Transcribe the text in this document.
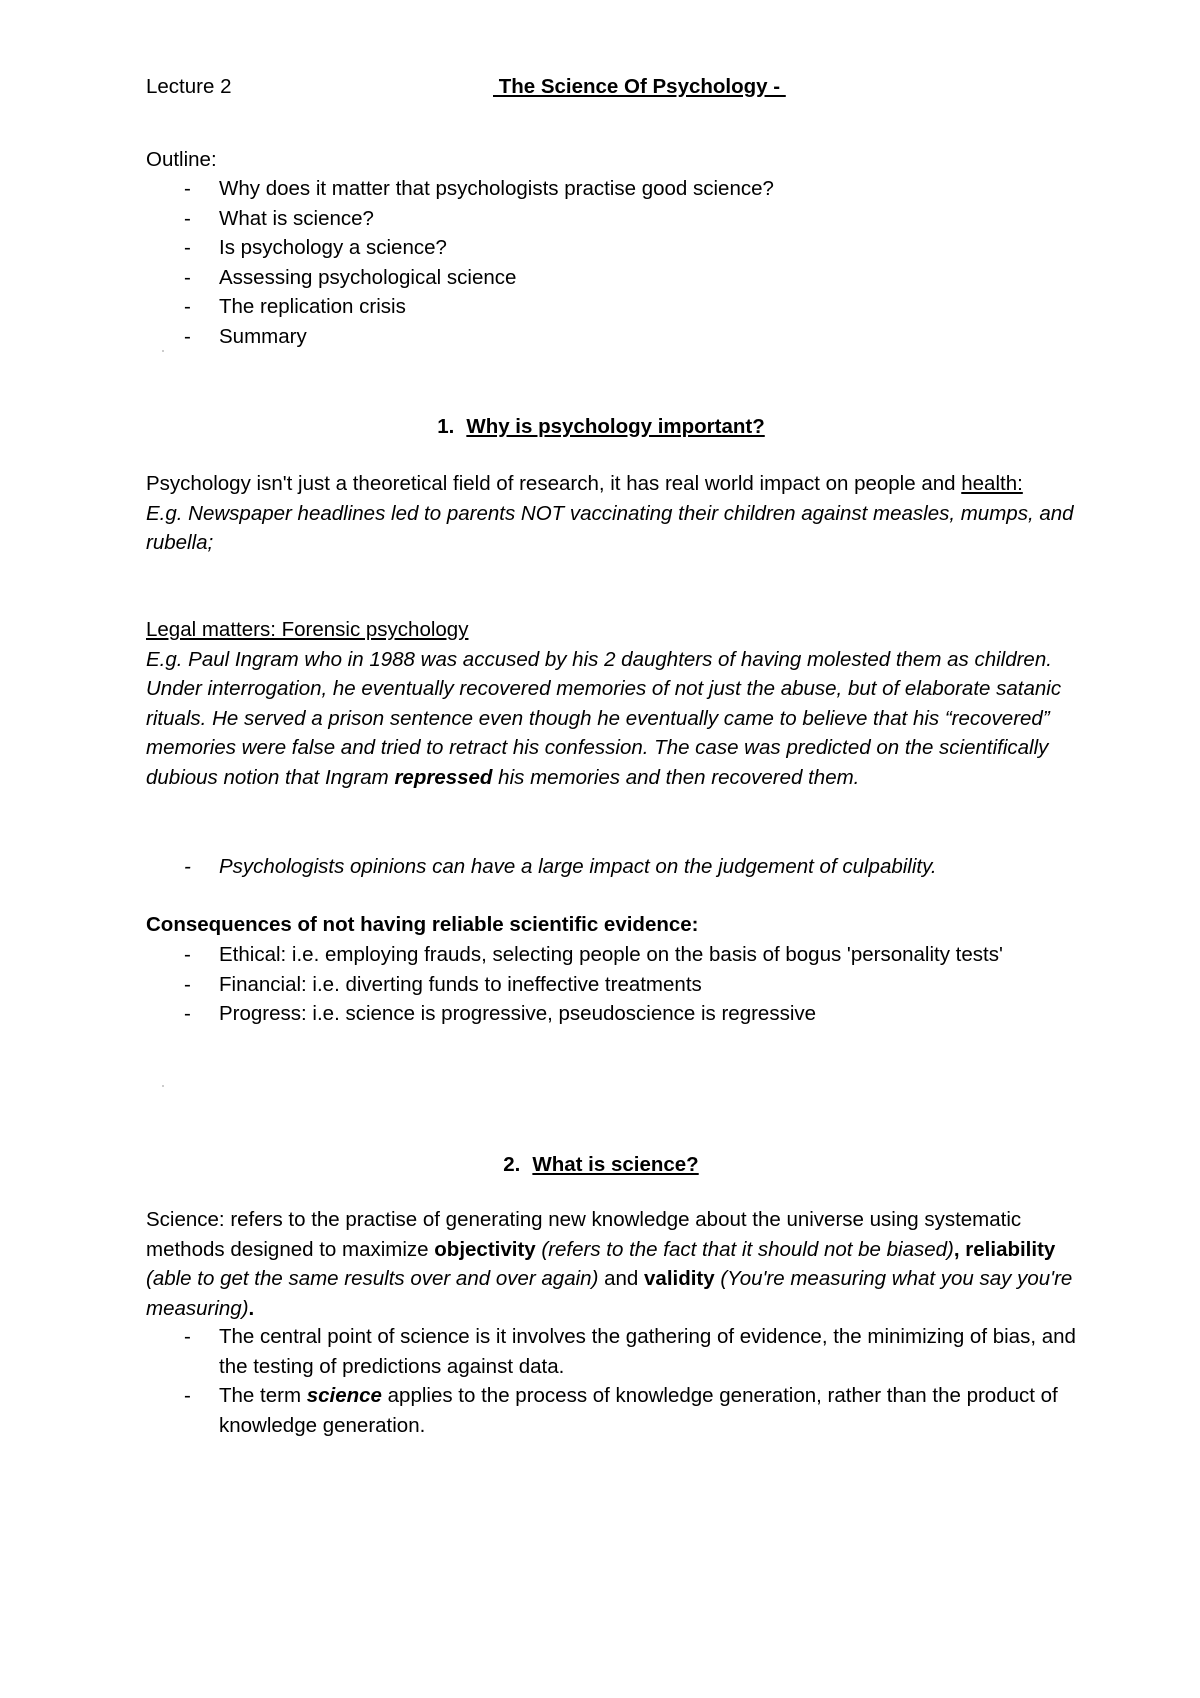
Lecture 2	The Science Of Psychology -
Outline:
- Why does it matter that psychologists practise good science?
- What is science?
- Is psychology a science?
- Assessing psychological science
- The replication crisis
- Summary
1. Why is psychology important?

Psychology isn't just a theoretical field of research, it has real world impact on people and health:

E.g. Newspaper headlines led to parents NOT vaccinating their children against measles, mumps, and rubella;

Legal matters: Forensic psychology

E.g. Paul Ingram who in 1988 was accused by his 2 daughters of having molested them as children. Under interrogation, he eventually recovered memories of not just the abuse, but of elaborate satanic rituals. He served a prison sentence even though he eventually came to believe that his “recovered” memories were false and tried to retract his confession. The case was predicted on the scientifically dubious notion that Ingram repressed his memories and then recovered them.

- Psychologists opinions can have a large impact on the judgement of culpability.
Consequences of not having reliable scientific evidence:
- Ethical: i.e. employing frauds, selecting people on the basis of bogus 'personality tests'
- Financial: i.e. diverting funds to ineffective treatments
- Progress: i.e. science is progressive, pseudoscience is regressive
2. What is science?

Science: refers to the practise of generating new knowledge about the universe using systematic methods designed to maximize objectivity (refers to the fact that it should not be biased), reliability (able to get the same results over and over again) and validity (You're measuring what you say you're measuring).

- The central point of science is it involves the gathering of evidence, the minimizing of bias, and the testing of predictions against data.
- The term science applies to the process of knowledge generation, rather than the product of knowledge generation.
